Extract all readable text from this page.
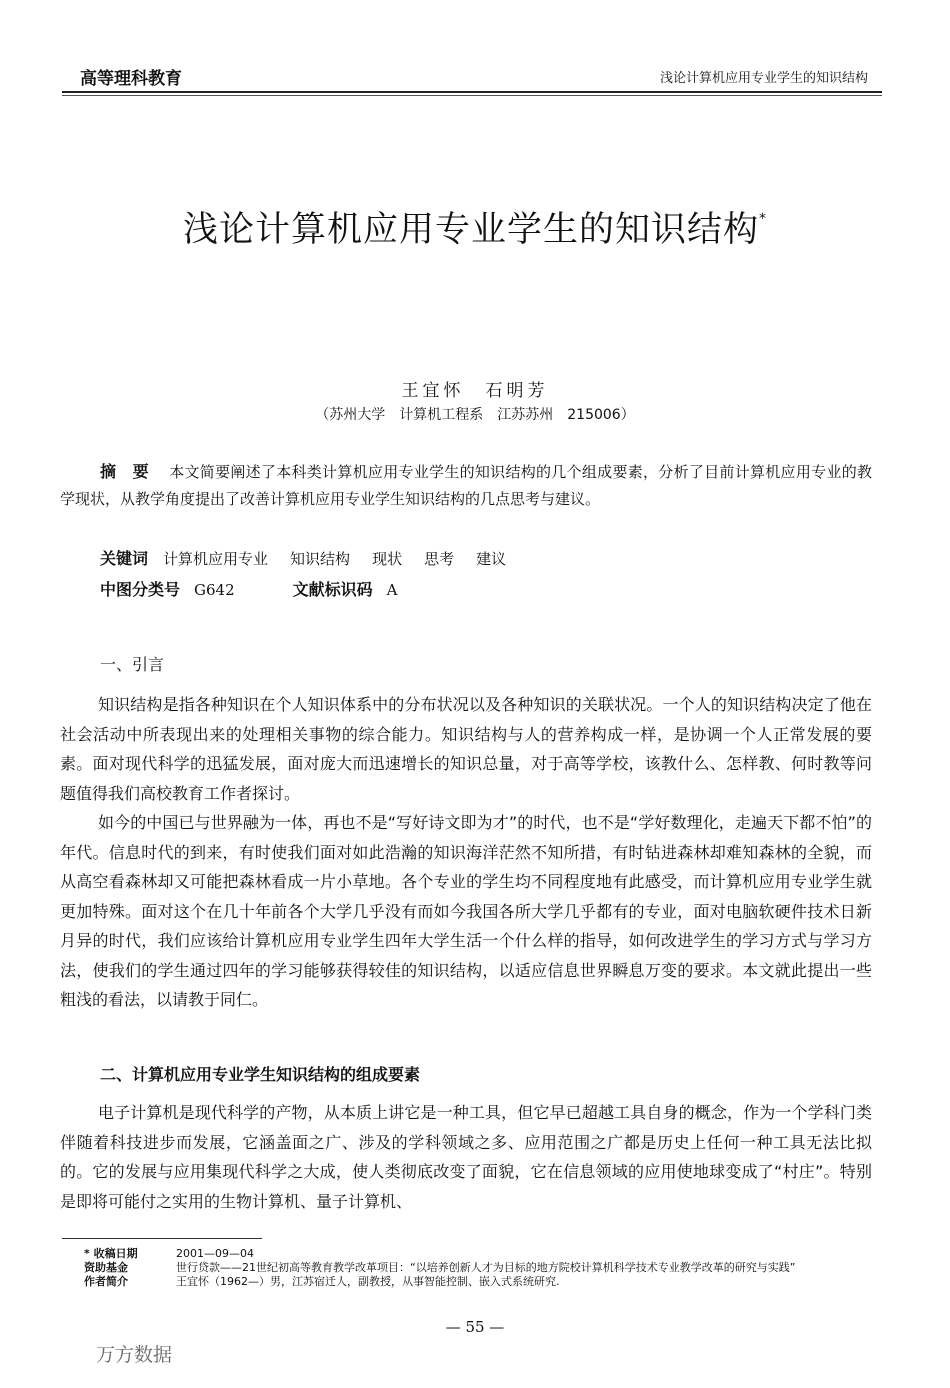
高等理科教育	浅论计算机应用专业学生的知识结构
浅论计算机应用专业学生的知识结构*
王宜怀　石明芳
（苏州大学　计算机工程系　江苏苏州　215006）
摘　要 　 本文简要阐述了本科类计算机应用专业学生的知识结构的几个组成要素，分析了目前计算机应用专业的教学现状，从教学角度提出了改善计算机应用专业学生知识结构的几点思考与建议。
关键词　 计算机应用专业 知识结构 现状 思考 建议
中图分类号 G642	文献标识码 A
一、引言
知识结构是指各种知识在个人知识体系中的分布状况以及各种知识的关联状况。一个人的知识结构决定了他在社会活动中所表现出来的处理相关事物的综合能力。知识结构与人的营养构成一样，是协调一个人正常发展的要素。面对现代科学的迅猛发展，面对庞大而迅速增长的知识总量，对于高等学校，该教什么、怎样教、何时教等问题值得我们高校教育工作者探讨。
如今的中国已与世界融为一体，再也不是“写好诗文即为才”的时代，也不是“学好数理化，走遍天下都不怕”的年代。信息时代的到来，有时使我们面对如此浩瀚的知识海洋茫然不知所措，有时钻进森林却难知森林的全貌，而从高空看森林却又可能把森林看成一片小草地。各个专业的学生均不同程度地有此感受，而计算机应用专业学生就更加特殊。面对这个在几十年前各个大学几乎没有而如今我国各所大学几乎都有的专业，面对电脑软硬件技术日新月异的时代，我们应该给计算机应用专业学生四年大学生活一个什么样的指导，如何改进学生的学习方式与学习方法，使我们的学生通过四年的学习能够获得较佳的知识结构，以适应信息世界瞬息万变的要求。本文就此提出一些粗浅的看法，以请教于同仁。
二、计算机应用专业学生知识结构的组成要素
电子计算机是现代科学的产物，从本质上讲它是一种工具，但它早已超越工具自身的概念，作为一个学科门类伴随着科技进步而发展，它涵盖面之广、涉及的学科领域之多、应用范围之广都是历史上任何一种工具无法比拟的。它的发展与应用集现代科学之大成，使人类彻底改变了面貌，它在信息领域的应用使地球变成了“村庄”。特别是即将可能付之实用的生物计算机、量子计算机、
* 收稿日期	2001—09—04
资助基金	世行贷款——21世纪初高等教育教学改革项目：“以培养创新人才为目标的地方院校计算机科学技术专业教学改革的研究与实践”
作者简介	王宜怀（1962—）男，江苏宿迁人，副教授，从事智能控制、嵌入式系统研究.
— 55 —
万方数据
